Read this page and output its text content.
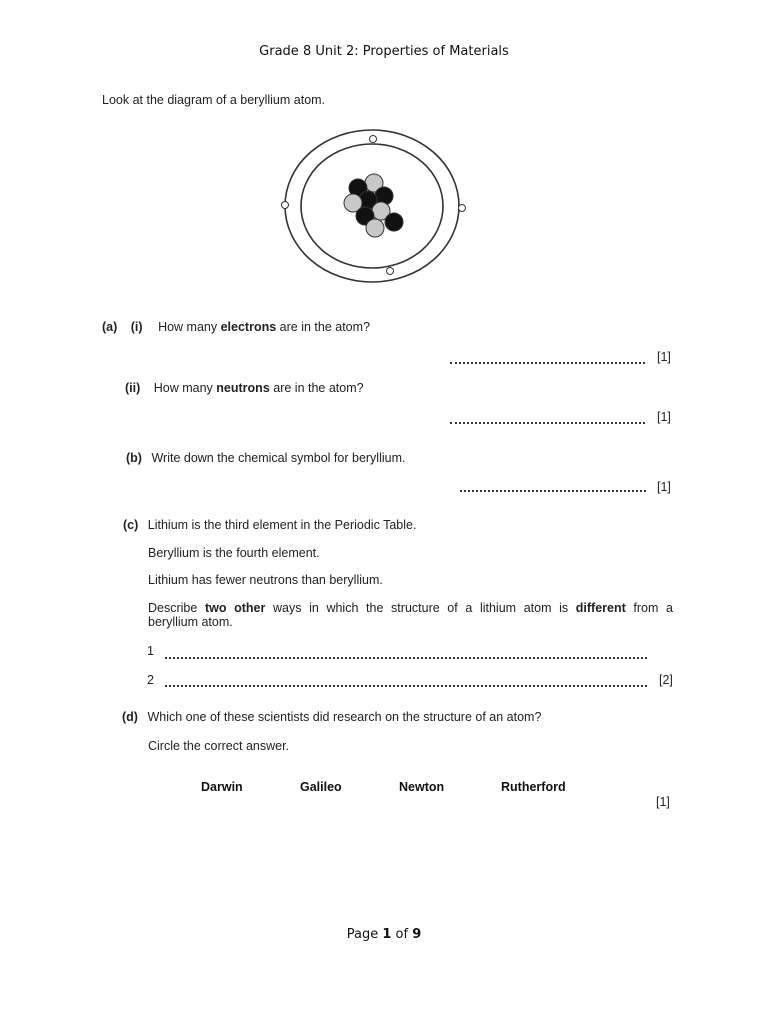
Grade 8 Unit 2: Properties of Materials
Look at the diagram of a beryllium atom.
(a) (i) How many electrons are in the atom?
[1]
(ii) How many neutrons are in the atom?
[1]
(b) Write down the chemical symbol for beryllium.
[1]
(c) Lithium is the third element in the Periodic Table.
Beryllium is the fourth element.
Lithium has fewer neutrons than beryllium.
Describe two other ways in which the structure of a lithium atom is different from a
beryllium atom.
1
2	[2]
(d) Which one of these scientists did research on the structure of an atom?
Circle the correct answer.
Darwin	Galileo	Newton	Rutherford
[1]
Page 1 of 9
